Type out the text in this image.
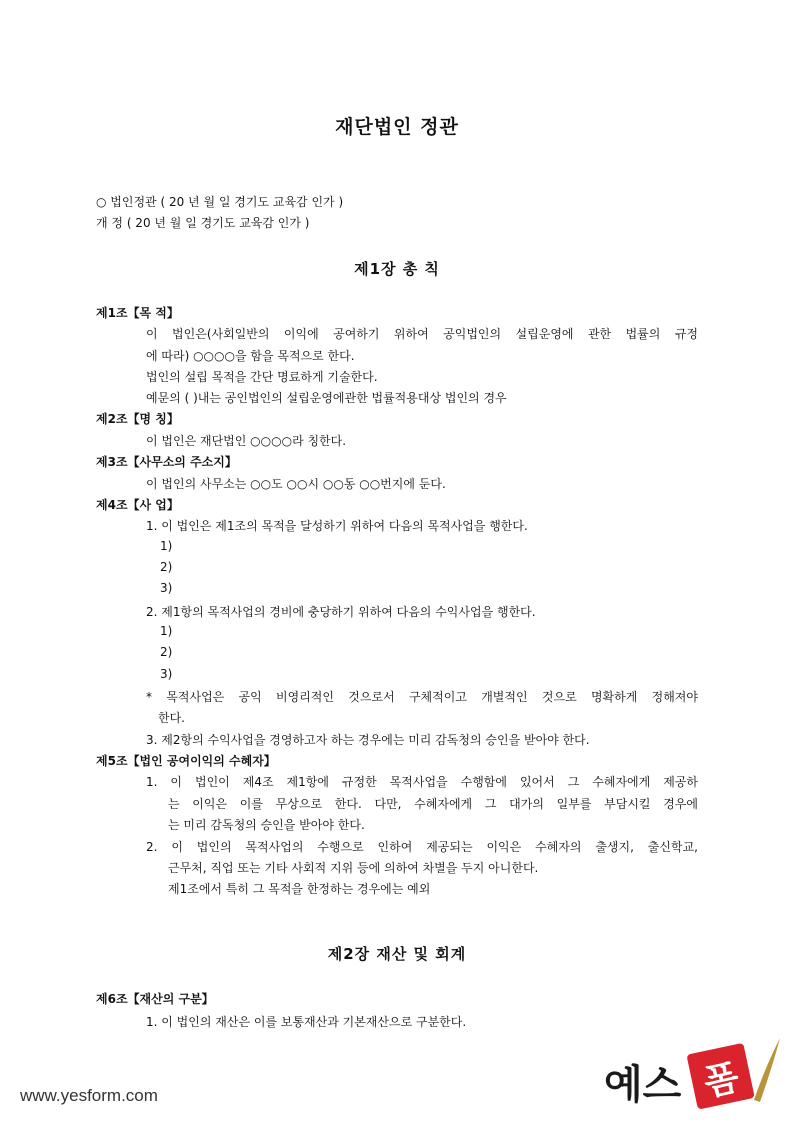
재단법인 정관
○ 법인정관 ( 20 년 월 일 경기도 교육감 인가 )
개 정 ( 20 년 월 일 경기도 교육감 인가 )
제1장 총 칙
제1조【목 적】
이 법인은(사회일반의 이익에 공여하기 위하여 공익법인의 설립운영에 관한 법률의 규정
에 따라) ○○○○을 함을 목적으로 한다.
법인의 설립 목적을 간단 명료하게 기술한다.
예문의 ( )내는 공인법인의 설립운영에관한 법률적용대상 법인의 경우
제2조【명 칭】
이 법인은 재단법인 ○○○○라 칭한다.
제3조【사무소의 주소지】
이 법인의 사무소는 ○○도 ○○시 ○○동 ○○번지에 둔다.
제4조【사 업】
1. 이 법인은 제1조의 목적을 달성하기 위하여 다음의 목적사업을 행한다.
1)
2)
3)
2. 제1항의 목적사업의 경비에 충당하기 위하여 다음의 수익사업을 행한다.
1)
2)
3)
* 목적사업은 공익 비영리적인 것으로서 구체적이고 개별적인 것으로 명확하게 정해져야
한다.
3. 제2항의 수익사업을 경영하고자 하는 경우에는 미리 감독청의 승인을 받아야 한다.
제5조【법인 공여이익의 수혜자】
1. 이 법인이 제4조 제1항에 규정한 목적사업을 수행함에 있어서 그 수혜자에게 제공하
는 이익은 이를 무상으로 한다. 다만, 수혜자에게 그 대가의 일부를 부담시킬 경우에
는 미리 감독청의 승인을 받아야 한다.
2. 이 법인의 목적사업의 수행으로 인하여 제공되는 이익은 수혜자의 출생지, 출신학교,
근무처, 직업 또는 기타 사회적 지위 등에 의하여 차별을 두지 아니한다.
제1조에서 특히 그 목적을 한정하는 경우에는 예외
제2장 재산 및 회계
제6조【재산의 구분】
1. 이 법인의 재산은 이를 보통재산과 기본재산으로 구분한다.
www.yesform.com	예스 폼
